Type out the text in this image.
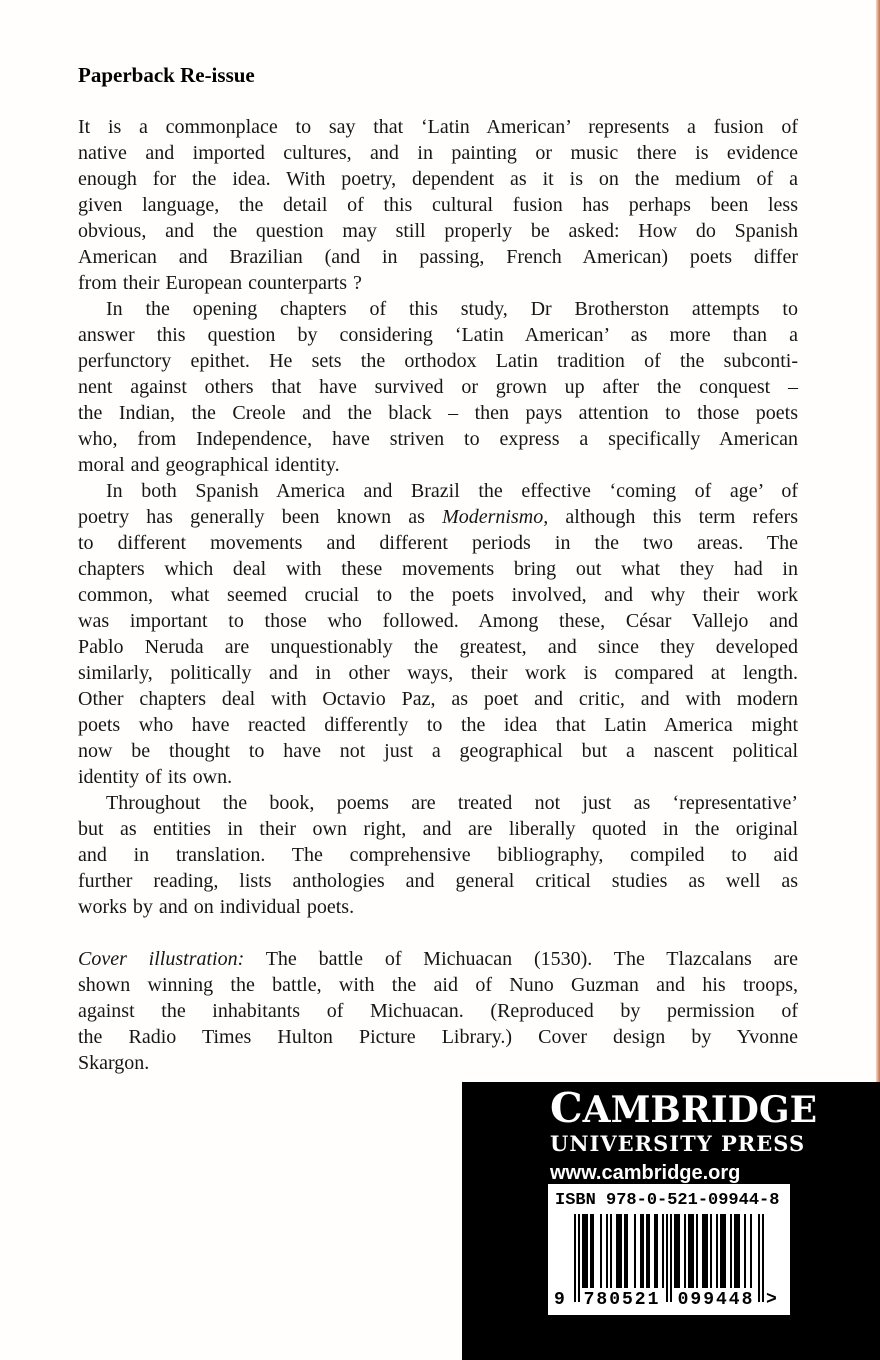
Paperback Re-issue
It is a commonplace to say that ‘Latin American’ represents a fusion of
native and imported cultures, and in painting or music there is evidence
enough for the idea. With poetry, dependent as it is on the medium of a
given language, the detail of this cultural fusion has perhaps been less
obvious, and the question may still properly be asked: How do Spanish
American and Brazilian (and in passing, French American) poets differ
from their European counterparts ?
In the opening chapters of this study, Dr Brotherston attempts to
answer this question by considering ‘Latin American’ as more than a
perfunctory epithet. He sets the orthodox Latin tradition of the subconti-
nent against others that have survived or grown up after the conquest –
the Indian, the Creole and the black – then pays attention to those poets
who, from Independence, have striven to express a specifically American
moral and geographical identity.
In both Spanish America and Brazil the effective ‘coming of age’ of
poetry has generally been known as Modernismo, although this term refers
to different movements and different periods in the two areas. The
chapters which deal with these movements bring out what they had in
common, what seemed crucial to the poets involved, and why their work
was important to those who followed. Among these, César Vallejo and
Pablo Neruda are unquestionably the greatest, and since they developed
similarly, politically and in other ways, their work is compared at length.
Other chapters deal with Octavio Paz, as poet and critic, and with modern
poets who have reacted differently to the idea that Latin America might
now be thought to have not just a geographical but a nascent political
identity of its own.
Throughout the book, poems are treated not just as ‘representative’
but as entities in their own right, and are liberally quoted in the original
and in translation. The comprehensive bibliography, compiled to aid
further reading, lists anthologies and general critical studies as well as
works by and on individual poets.
Cover illustration: The battle of Michuacan (1530). The Tlazcalans are
shown winning the battle, with the aid of Nuno Guzman and his troops,
against the inhabitants of Michuacan. (Reproduced by permission of
the Radio Times Hulton Picture Library.) Cover design by Yvonne
Skargon.
CAMBRIDGE
UNIVERSITY PRESS
www.cambridge.org
ISBN 978-0-521-09944-8
9 780521 099448 >
